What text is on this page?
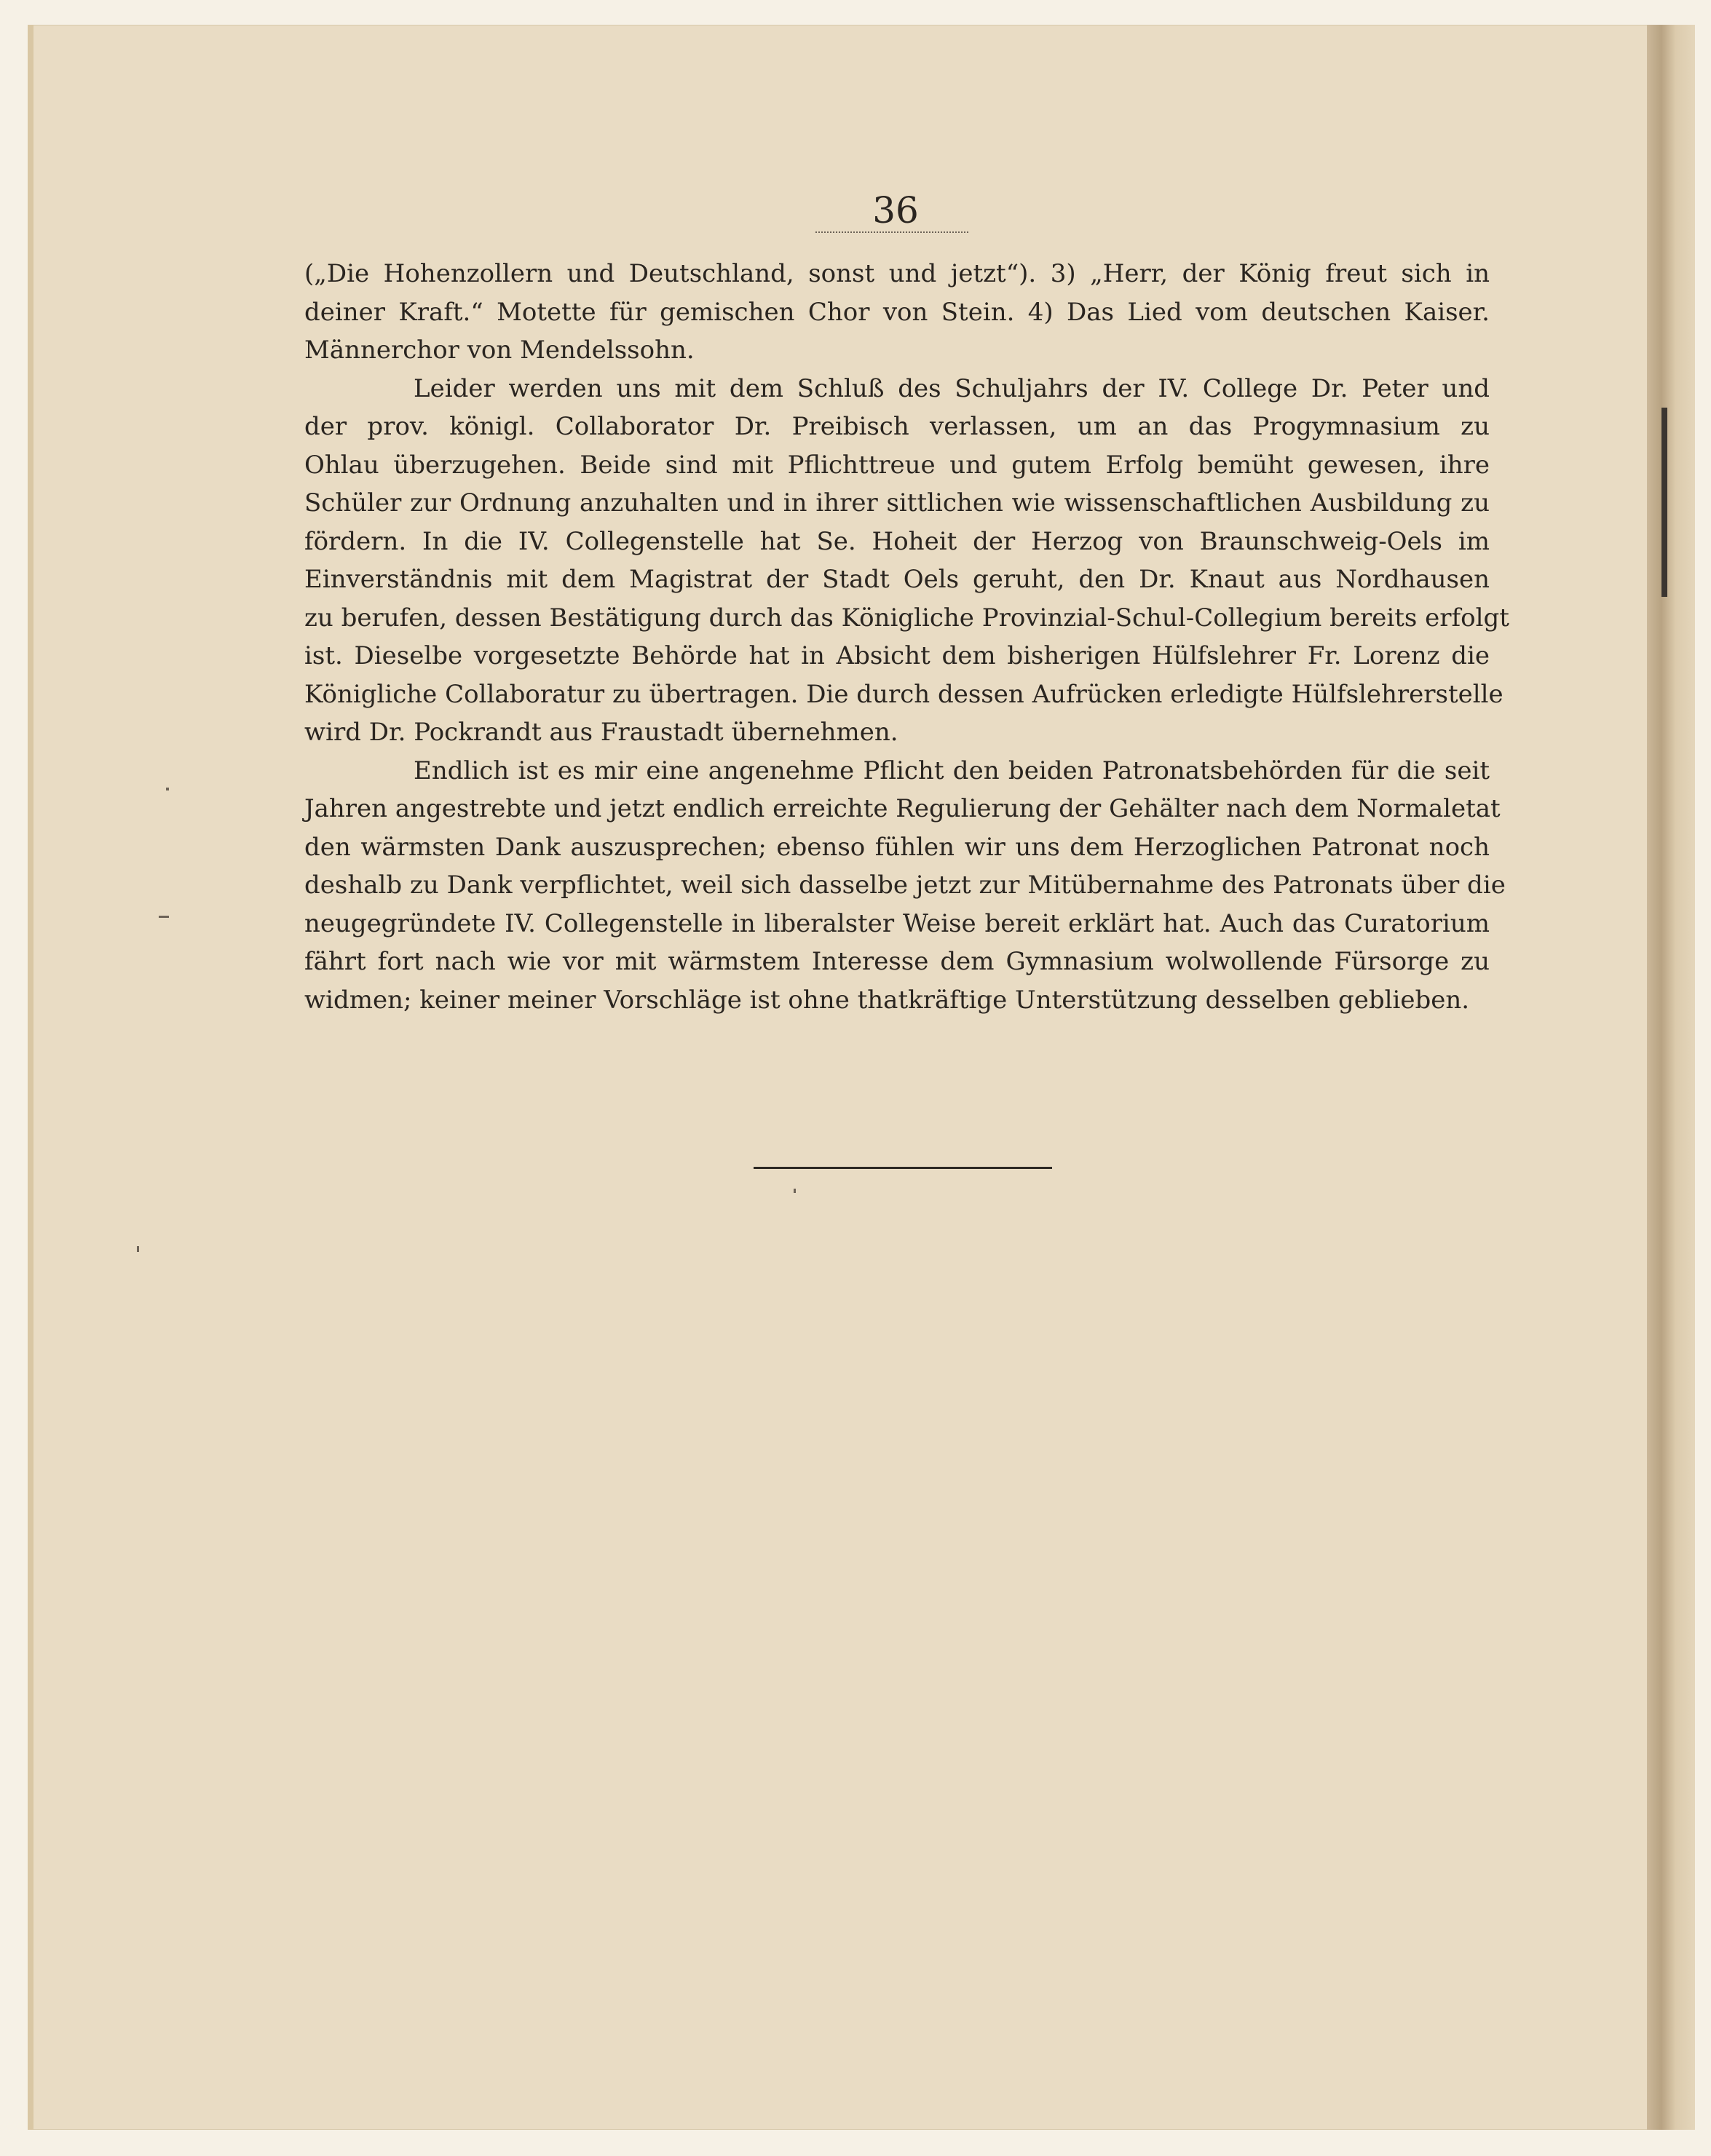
36
(„Die Hohenzollern und Deutschland, sonst und jetzt“). 3) „Herr, der König freut sich in
deiner Kraft.“ Motette für gemischen Chor von Stein. 4) Das Lied vom deutschen Kaiser.
Männerchor von Mendelssohn.
Leider werden uns mit dem Schluß des Schuljahrs der IV. College Dr. Peter und
der prov. königl. Collaborator Dr. Preibisch verlassen, um an das Progymnasium zu
Ohlau überzugehen. Beide sind mit Pflichttreue und gutem Erfolg bemüht gewesen, ihre
Schüler zur Ordnung anzuhalten und in ihrer sittlichen wie wissenschaftlichen Ausbildung zu
fördern. In die IV. Collegenstelle hat Se. Hoheit der Herzog von Braunschweig-Oels im
Einverständnis mit dem Magistrat der Stadt Oels geruht, den Dr. Knaut aus Nordhausen
zu berufen, dessen Bestätigung durch das Königliche Provinzial-Schul-Collegium bereits erfolgt
ist. Dieselbe vorgesetzte Behörde hat in Absicht dem bisherigen Hülfslehrer Fr. Lorenz die
Königliche Collaboratur zu übertragen. Die durch dessen Aufrücken erledigte Hülfslehrerstelle
wird Dr. Pockrandt aus Fraustadt übernehmen.
Endlich ist es mir eine angenehme Pflicht den beiden Patronatsbehörden für die seit
Jahren angestrebte und jetzt endlich erreichte Regulierung der Gehälter nach dem Normaletat
den wärmsten Dank auszusprechen; ebenso fühlen wir uns dem Herzoglichen Patronat noch
deshalb zu Dank verpflichtet, weil sich dasselbe jetzt zur Mitübernahme des Patronats über die
neugegründete IV. Collegenstelle in liberalster Weise bereit erklärt hat. Auch das Curatorium
fährt fort nach wie vor mit wärmstem Interesse dem Gymnasium wolwollende Fürsorge zu
widmen; keiner meiner Vorschläge ist ohne thatkräftige Unterstützung desselben geblieben.
